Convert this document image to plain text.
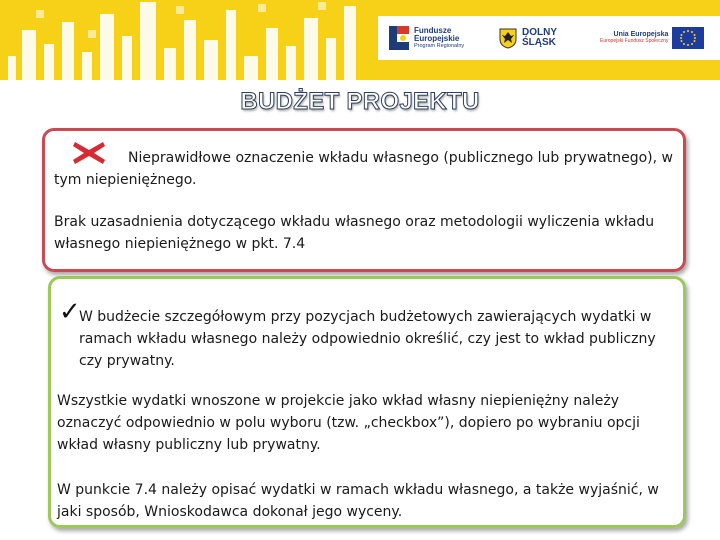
Fundusze
Europejskie
Program Regionalny
DOLNY
ŚLĄSK
Unia Europejska
Europejski Fundusz Społeczny
BUDŻET PROJEKTU

Nieprawidłowe oznaczenie wkładu własnego (publicznego lub prywatnego), w tym niepieniężnego.

Brak uzasadnienia dotyczącego wkładu własnego oraz metodologii wyliczenia wkładu własnego niepieniężnego w pkt. 7.4

✓

W budżecie szczegółowym przy pozycjach budżetowych zawierających wydatki w ramach wkładu własnego należy odpowiednio określić, czy jest to wkład publiczny czy prywatny.

Wszystkie wydatki wnoszone w projekcie jako wkład własny niepieniężny należy oznaczyć odpowiednio w polu wyboru (tzw. „checkbox”), dopiero po wybraniu opcji wkład własny publiczny lub prywatny.

W punkcie 7.4 należy opisać wydatki w ramach wkładu własnego, a także wyjaśnić, w jaki sposób, Wnioskodawca dokonał jego wyceny.
